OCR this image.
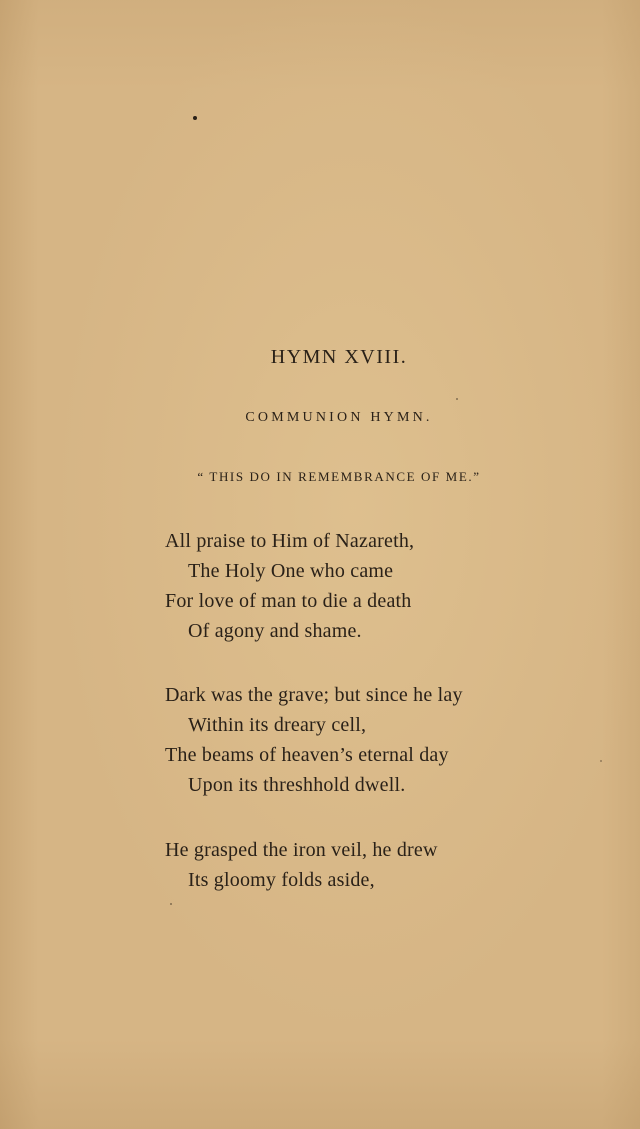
HYMN XVIII.
COMMUNION HYMN.
“ THIS DO IN REMEMBRANCE OF ME.”
All praise to Him of Nazareth,
The Holy One who came
For love of man to die a death
Of agony and shame.
Dark was the grave; but since he lay
Within its dreary cell,
The beams of heaven’s eternal day
Upon its threshhold dwell.
He grasped the iron veil, he drew
Its gloomy folds aside,
